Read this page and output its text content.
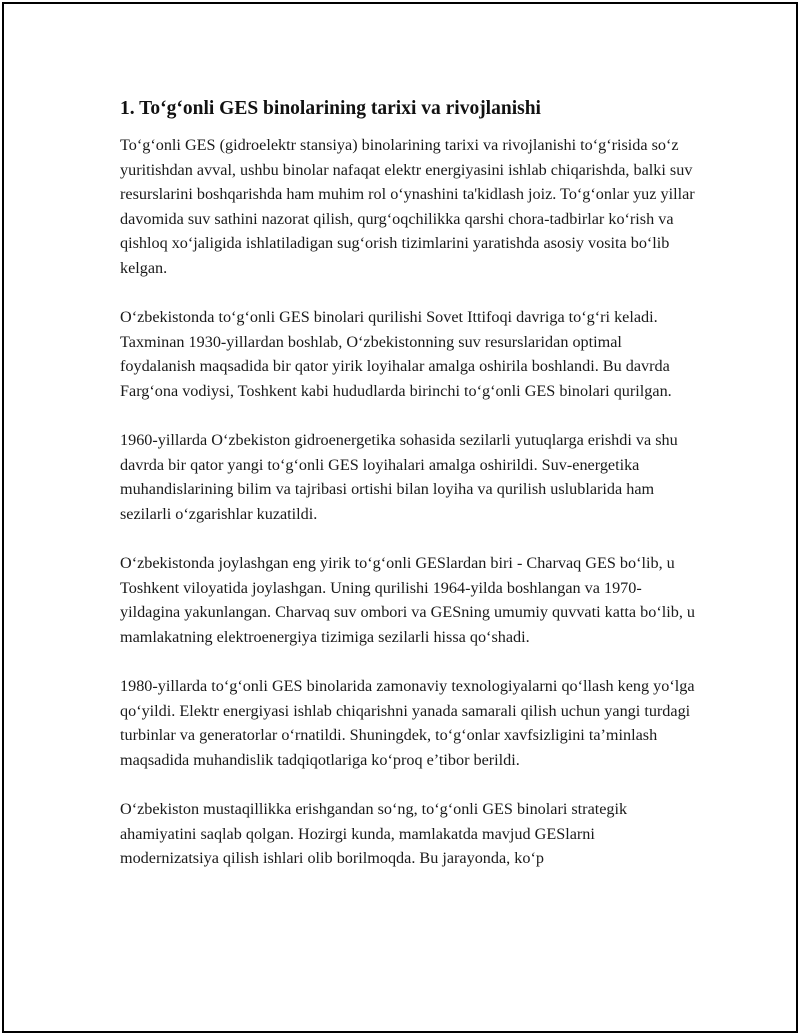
1. To‘g‘onli GES binolarining tarixi va rivojlanishi

To‘g‘onli GES (gidroelektr stansiya) binolarining tarixi va rivojlanishi to‘g‘risida so‘z yuritishdan avval, ushbu binolar nafaqat elektr energiyasini ishlab chiqarishda, balki suv resurslarini boshqarishda ham muhim rol o‘ynashini ta'kidlash joiz. To‘g‘onlar yuz yillar davomida suv sathini nazorat qilish, qurg‘oqchilikka qarshi chora-tadbirlar ko‘rish va qishloq xo‘jaligida ishlatiladigan sug‘orish tizimlarini yaratishda asosiy vosita bo‘lib kelgan.

O‘zbekistonda to‘g‘onli GES binolari qurilishi Sovet Ittifoqi davriga to‘g‘ri keladi. Taxminan 1930-yillardan boshlab, O‘zbekistonning suv resurslaridan optimal foydalanish maqsadida bir qator yirik loyihalar amalga oshirila boshlandi. Bu davrda Farg‘ona vodiysi, Toshkent kabi hududlarda birinchi to‘g‘onli GES binolari qurilgan.

1960-yillarda O‘zbekiston gidroenergetika sohasida sezilarli yutuqlarga erishdi va shu davrda bir qator yangi to‘g‘onli GES loyihalari amalga oshirildi. Suv-energetika muhandislarining bilim va tajribasi ortishi bilan loyiha va qurilish uslublarida ham sezilarli o‘zgarishlar kuzatildi.

O‘zbekistonda joylashgan eng yirik to‘g‘onli GESlardan biri - Charvaq GES bo‘lib, u Toshkent viloyatida joylashgan. Uning qurilishi 1964-yilda boshlangan va 1970-yildagina yakunlangan. Charvaq suv ombori va GESning umumiy quvvati katta bo‘lib, u mamlakatning elektroenergiya tizimiga sezilarli hissa qo‘shadi.

1980-yillarda to‘g‘onli GES binolarida zamonaviy texnologiyalarni qo‘llash keng yo‘lga qo‘yildi. Elektr energiyasi ishlab chiqarishni yanada samarali qilish uchun yangi turdagi turbinlar va generatorlar o‘rnatildi. Shuningdek, to‘g‘onlar xavfsizligini ta’minlash maqsadida muhandislik tadqiqotlariga ko‘proq e’tibor berildi.

O‘zbekiston mustaqillikka erishgandan so‘ng, to‘g‘onli GES binolari strategik ahamiyatini saqlab qolgan. Hozirgi kunda, mamlakatda mavjud GESlarni modernizatsiya qilish ishlari olib borilmoqda. Bu jarayonda, ko‘p
